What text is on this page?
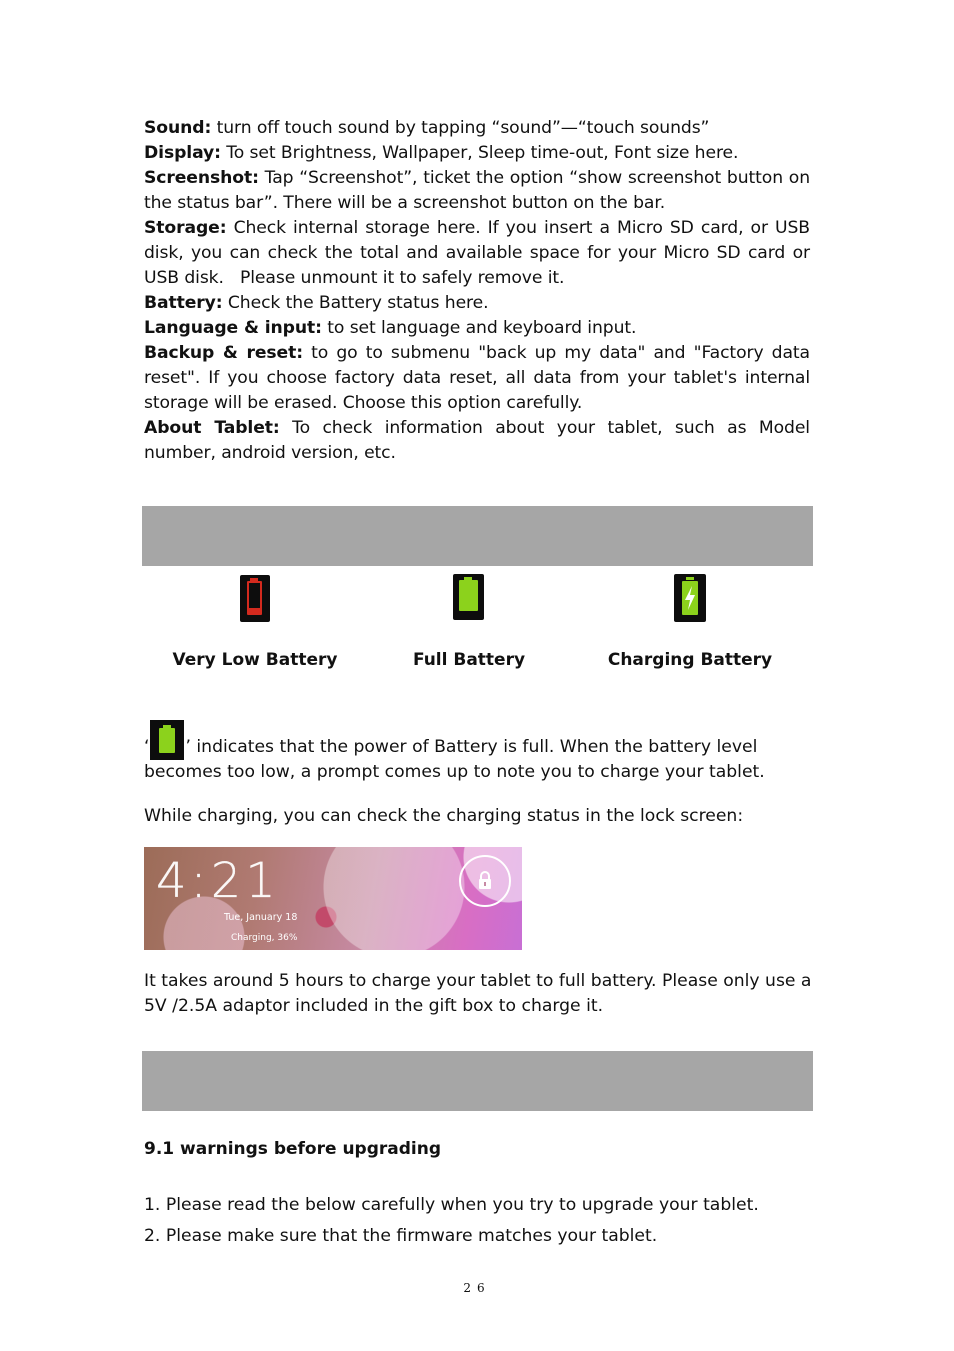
Sound: turn off touch sound by tapping “sound”—“touch sounds”

Display: To set Brightness, Wallpaper, Sleep time-out, Font size here.

Screenshot: Tap “Screenshot”, ticket the option “show screenshot button on the status bar”. There will be a screenshot button on the bar.

Storage: Check internal storage here. If you insert a Micro SD card, or USB disk, you can check the total and available space for your Micro SD card or USB disk.   Please unmount it to safely remove it.

Battery: Check the Battery status here.

Language & input: to set language and keyboard input.

Backup & reset: to go to submenu "back up my data" and "Factory data reset". If you choose factory data reset, all data from your tablet's internal storage will be erased. Choose this option carefully.

About Tablet: To check information about your tablet, such as Model number, android version, etc.

Very Low Battery	Full Battery	Charging Battery

‘ ’ indicates that the power of Battery is full. When the battery level becomes too low, a prompt comes up to note you to charge your tablet.

While charging, you can check the charging status in the lock screen:

4:21
Tue, January 18
Charging, 36%

It takes around 5 hours to charge your tablet to full battery. Please only use a 5V /2.5A adaptor included in the gift box to charge it.

9.1 warnings before upgrading

1. Please read the below carefully when you try to upgrade your tablet.

2. Please make sure that the firmware matches your tablet.

26
